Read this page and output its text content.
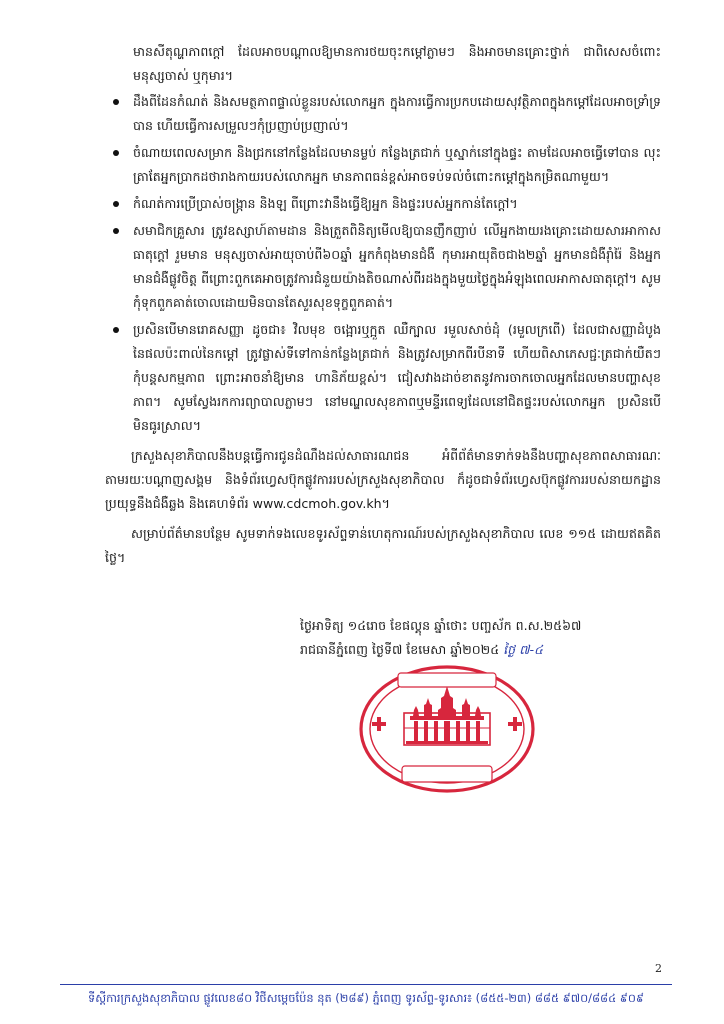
មានសីតុណ្ហភាពក្តៅ ដែលអាចបណ្តាលឱ្យមានការថយចុះកម្តៅភ្លាមៗ និងអាចមានគ្រោះថ្នាក់ ជាពិសេសចំពោះមនុស្សចាស់ ឬកុមារ។

ដឹងពីដែនកំណត់ និងសមត្ថភាពផ្ទាល់ខ្លួនរបស់លោកអ្នក ក្នុងការធ្វើការប្រកបដោយសុវត្ថិភាពក្នុងកម្តៅដែលអាចទ្រាំទ្របាន ហើយធ្វើការសម្រួលៗកុំប្រញាប់ប្រញាល់។
ចំណាយពេលសម្រាក និងជ្រកនៅកន្លែងដែលមានម្លប់ កន្លែងត្រជាក់ ឬស្នាក់នៅក្នុងផ្ទះ តាមដែលអាចធ្វើទៅបាន លុះត្រាតែអ្នកប្រាកដថារាងកាយរបស់លោកអ្នក មានភាពធន់ខ្ពស់អាចទប់ទល់ចំពោះកម្តៅក្នុងកម្រិតណាមួយ។
កំណត់ការប្រើប្រាស់ចង្ក្រាន និងឡ ពីព្រោះវានឹងធ្វើឱ្យអ្នក និងផ្ទះរបស់អ្នកកាន់តែក្តៅ។
សមាជិកគ្រួសារ ត្រូវឧស្សាហ៍តាមដាន និងត្រួតពិនិត្យមើលឱ្យបានញឹកញាប់ លើអ្នកងាយរងគ្រោះដោយសារអាកាសធាតុក្តៅ រួមមាន មនុស្សចាស់អាយុចាប់ពី៦០ឆ្នាំ អ្នកកំពុងមានជំងឺ កុមារអាយុតិចជាង២ឆ្នាំ អ្នកមានជំងឺរ៉ាំរ៉ៃ និងអ្នកមានជំងឺផ្លូវចិត្ត ពីព្រោះពួកគេអាចត្រូវការជំនួយយ៉ាងតិចណាស់ពីរដងក្នុងមួយថ្ងៃក្នុងអំឡុងពេលអាកាសធាតុក្តៅ។ សូមកុំទុកពួកគាត់ចោលដោយមិនបានតែសួរសុខទុក្ខពួកគាត់។
ប្រសិនបើមានរោគសញ្ញា ដូចជា៖ វិលមុខ ចង្អោរឬក្អួត ឈឺក្បាល រមួលសាច់ដុំ (រមួលក្រពើ) ដែលជាសញ្ញាដំបូងនៃផលប៉ះពាល់នៃកម្តៅ ត្រូវផ្លាស់ទីទៅកាន់កន្លែងត្រជាក់ និងត្រូវសម្រាកពីរបីនាទី ហើយពិសាភេសជ្ជៈត្រជាក់យឺតៗ កុំបន្តសកម្មភាព ព្រោះអាចនាំឱ្យមាន ហានិភ័យខ្ពស់។ ជៀសវាងដាច់ខាតនូវការចាកចោលអ្នកដែលមានបញ្ហាសុខភាព។ សូមស្វែងរកការព្យាបាលភ្លាមៗ នៅមណ្ឌលសុខភាពឬមន្ទីរពេទ្យដែលនៅជិតផ្ទះរបស់លោកអ្នក ប្រសិនបើមិនធូរស្រាល។

ក្រសួងសុខាភិបាលនឹងបន្តធ្វើការជូនដំណឹងដល់សាធារណជន អំពីព័ត៌មានទាក់ទងនឹងបញ្ហាសុខភាពសាធារណៈ តាមរយៈបណ្តាញសង្គម និងទំព័រហ្វេសប៊ុកផ្លូវការរបស់ក្រសួងសុខាភិបាល ក៏ដូចជាទំព័រហ្វេសប៊ុកផ្លូវការរបស់នាយកដ្ឋានប្រយុទ្ធនឹងជំងឺឆ្លង និងគេហទំព័រ www.cdcmoh.gov.kh។

សម្រាប់ព័ត៌មានបន្ថែម សូមទាក់ទងលេខទូរស័ព្ទទាន់ហេតុការណ៍របស់ក្រសួងសុខាភិបាល លេខ ១១៥ ដោយឥតគិតថ្លៃ។

ថ្ងៃអាទិត្យ ១៤រោច ខែផល្គុន ឆ្នាំថោះ បញ្ចស័ក ព.ស.២៥៦៧
រាជធានីភ្នំពេញ ថ្ងៃទី៧ ខែមេសា ឆ្នាំ២០២៤ ថ្ងៃ ៧-៤
2
ទីស្តីការក្រសួងសុខាភិបាល ផ្លូវលេខ៨០ វិថីសម្តេចប៉ែន នុត (២៨៩) ភ្នំពេញ ទូរស័ព្ទ-ទូរសារ៖ (៨៥៥-២៣) ៨៨៥ ៩៧០/៨៨៤ ៩០៩
